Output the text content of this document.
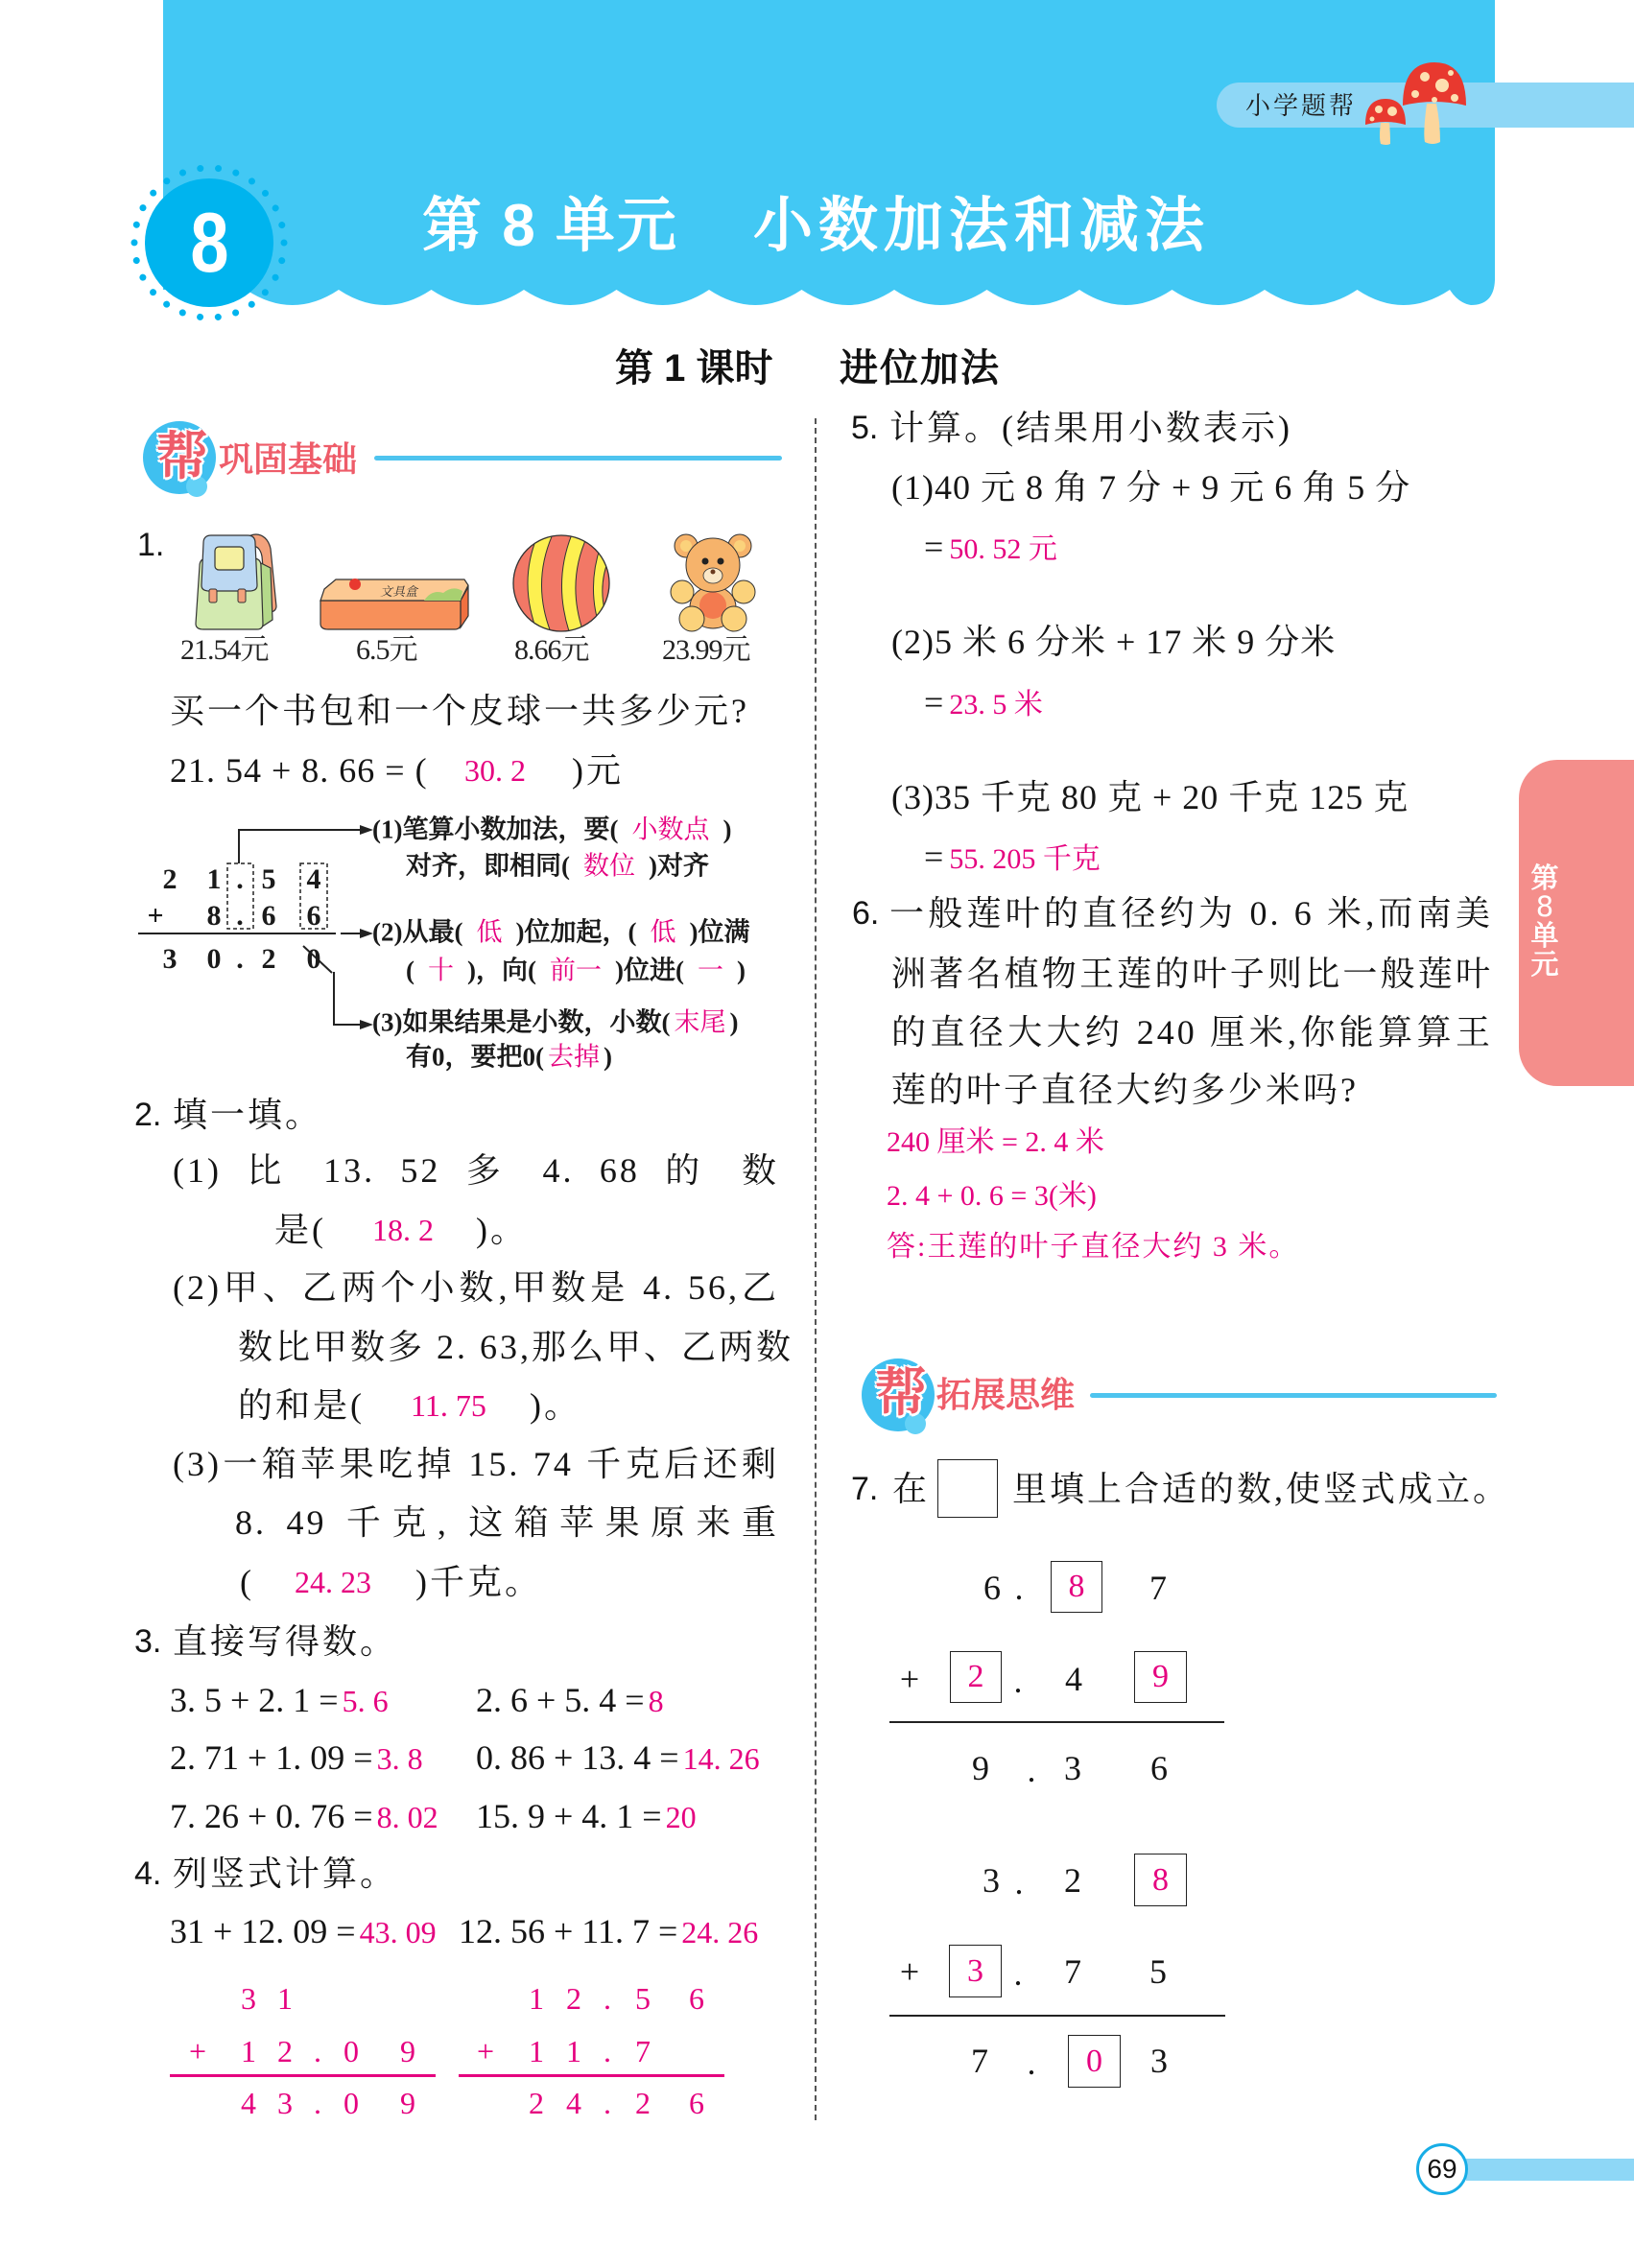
小学题帮
8	第 8 单元 小数加法和减法
第 1 课时 进位加法
帮 巩固基础
1.
文具盒
21.54元	6.5元	8.66元	23.99元
买一个书包和一个皮球一共多少元?
21. 54 + 8. 66 = ( 30. 2 )元
2 1 . 5 4
+ 8 . 6 6
3 0 . 2 0
(1)笔算小数加法，要( 小数点 )
对齐，即相同( 数位 )对齐
(2)从最( 低 )位加起，( 低 )位满
( 十 )，向( 前一 )位进( 一 )
(3)如果结果是小数，小数( 末尾 )
有0，要把0( 去掉 )
2. 填一填。
(1) 比 13. 52 多 4. 68 的 数
是( 18. 2 )。
(2)甲、乙两个小数,甲数是 4. 56,乙
数比甲数多 2. 63,那么甲、乙两数
的和是( 11. 75 )。
(3)一箱苹果吃掉 15. 74 千克后还剩
8. 49 千克, 这箱苹果原来重
( 24. 23 )千克。
3. 直接写得数。
3. 5 + 2. 1 = 5. 6	2. 6 + 5. 4 = 8
2. 71 + 1. 09 = 3. 8 0. 86 + 13. 4 = 14. 26
7. 26 + 0. 76 = 8. 02 15. 9 + 4. 1 = 20
4. 列竖式计算。
31 + 12. 09 = 43. 09 12. 56 + 11. 7 = 24. 26
3 1
+ 1 2 . 0 9
4 3 . 0 9
1 2 . 5 6
+ 1 1 . 7
2 4 . 2 6
5. 计算。(结果用小数表示)
(1)40 元 8 角 7 分 + 9 元 6 角 5 分
= 50. 52 元
(2)5 米 6 分米 + 17 米 9 分米
= 23. 5 米
(3)35 千克 80 克 + 20 千克 125 克
= 55. 205 千克
6. 一般莲叶的直径约为 0. 6 米,而南美
洲著名植物王莲的叶子则比一般莲叶
的直径大大约 240 厘米,你能算算王
莲的叶子直径大约多少米吗?
240 厘米 = 2. 4 米
2. 4 + 0. 6 = 3(米)
答:王莲的叶子直径大约 3 米。
帮 拓展思维
7. 在 里填上合适的数,使竖式成立。
6 . 8 7
+ 2 . 4 9
9 . 3 6
3 . 2 8
+ 3 . 7 5
7 . 0 3
第
8
单
元
69
